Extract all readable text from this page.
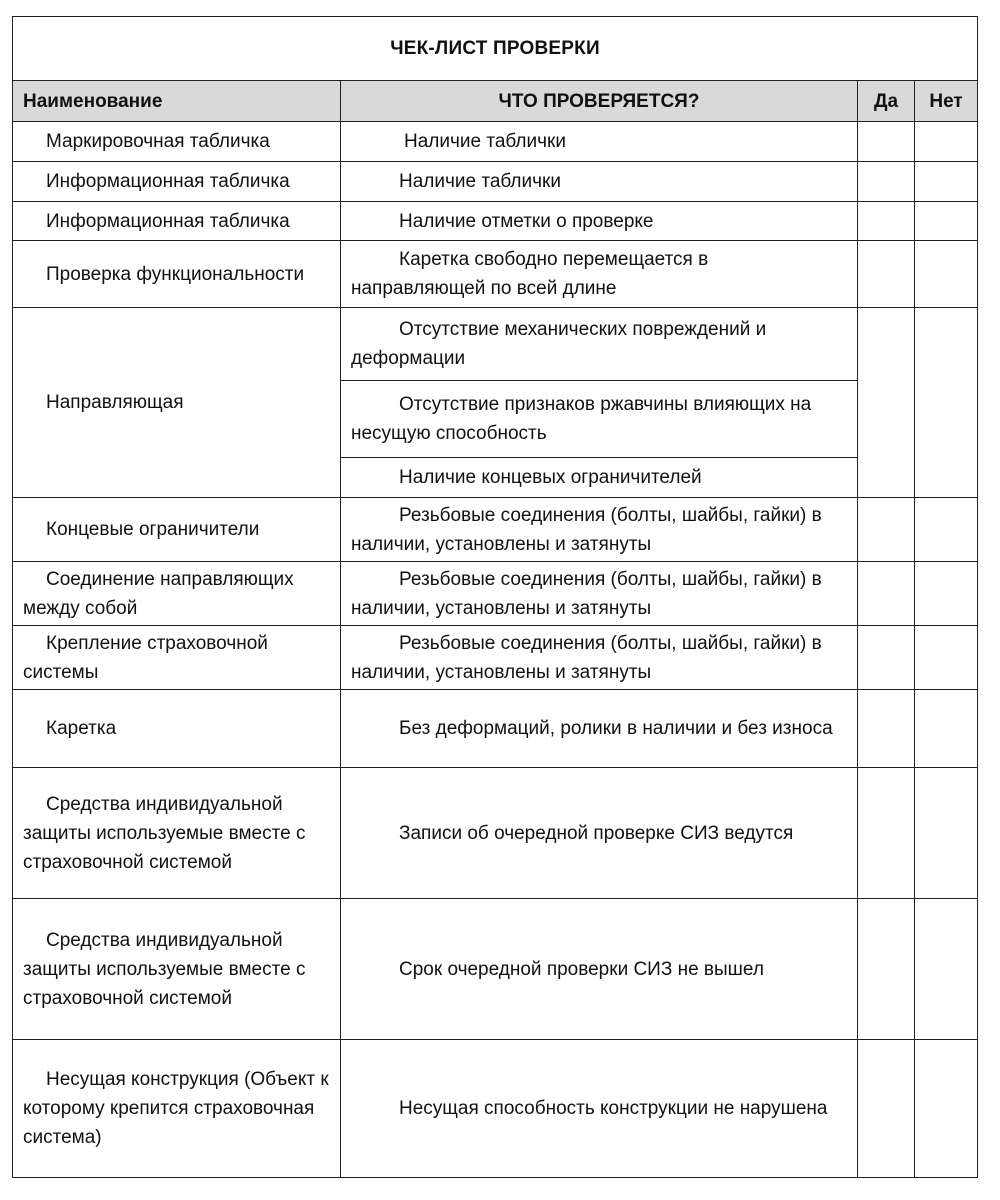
ЧЕК-ЛИСТ ПРОВЕРКИ			
Наименование	ЧТО ПРОВЕРЯЕТСЯ?	Да	Нет
Маркировочная табличка	Наличие таблички		
Информационная табличка	Наличие таблички		
Информационная табличка	Наличие отметки о проверке		
Проверка функциональности	Каретка свободно перемещается в направляющей по всей длине		
Направляющая	Отсутствие механических повреждений и деформации		
	Отсутствие признаков ржавчины влияющих на несущую способность		
	Наличие концевых ограничителей		
Концевые ограничители	Резьбовые соединения (болты, шайбы, гайки) в наличии, установлены и затянуты		
Соединение направляющих между собой	Резьбовые соединения (болты, шайбы, гайки) в наличии, установлены и затянуты		
Крепление страховочной системы	Резьбовые соединения (болты, шайбы, гайки) в наличии, установлены и затянуты		
Каретка	Без деформаций, ролики в наличии и без износа		
Средства индивидуальной защиты используемые вместе с страховочной системой	Записи об очередной проверке СИЗ ведутся		
Средства индивидуальной защиты используемые вместе с страховочной системой	Срок очередной проверки СИЗ не вышел		
Несущая конструкция (Объект к которому крепится страховочная система)	Несущая способность конструкции не нарушена		
